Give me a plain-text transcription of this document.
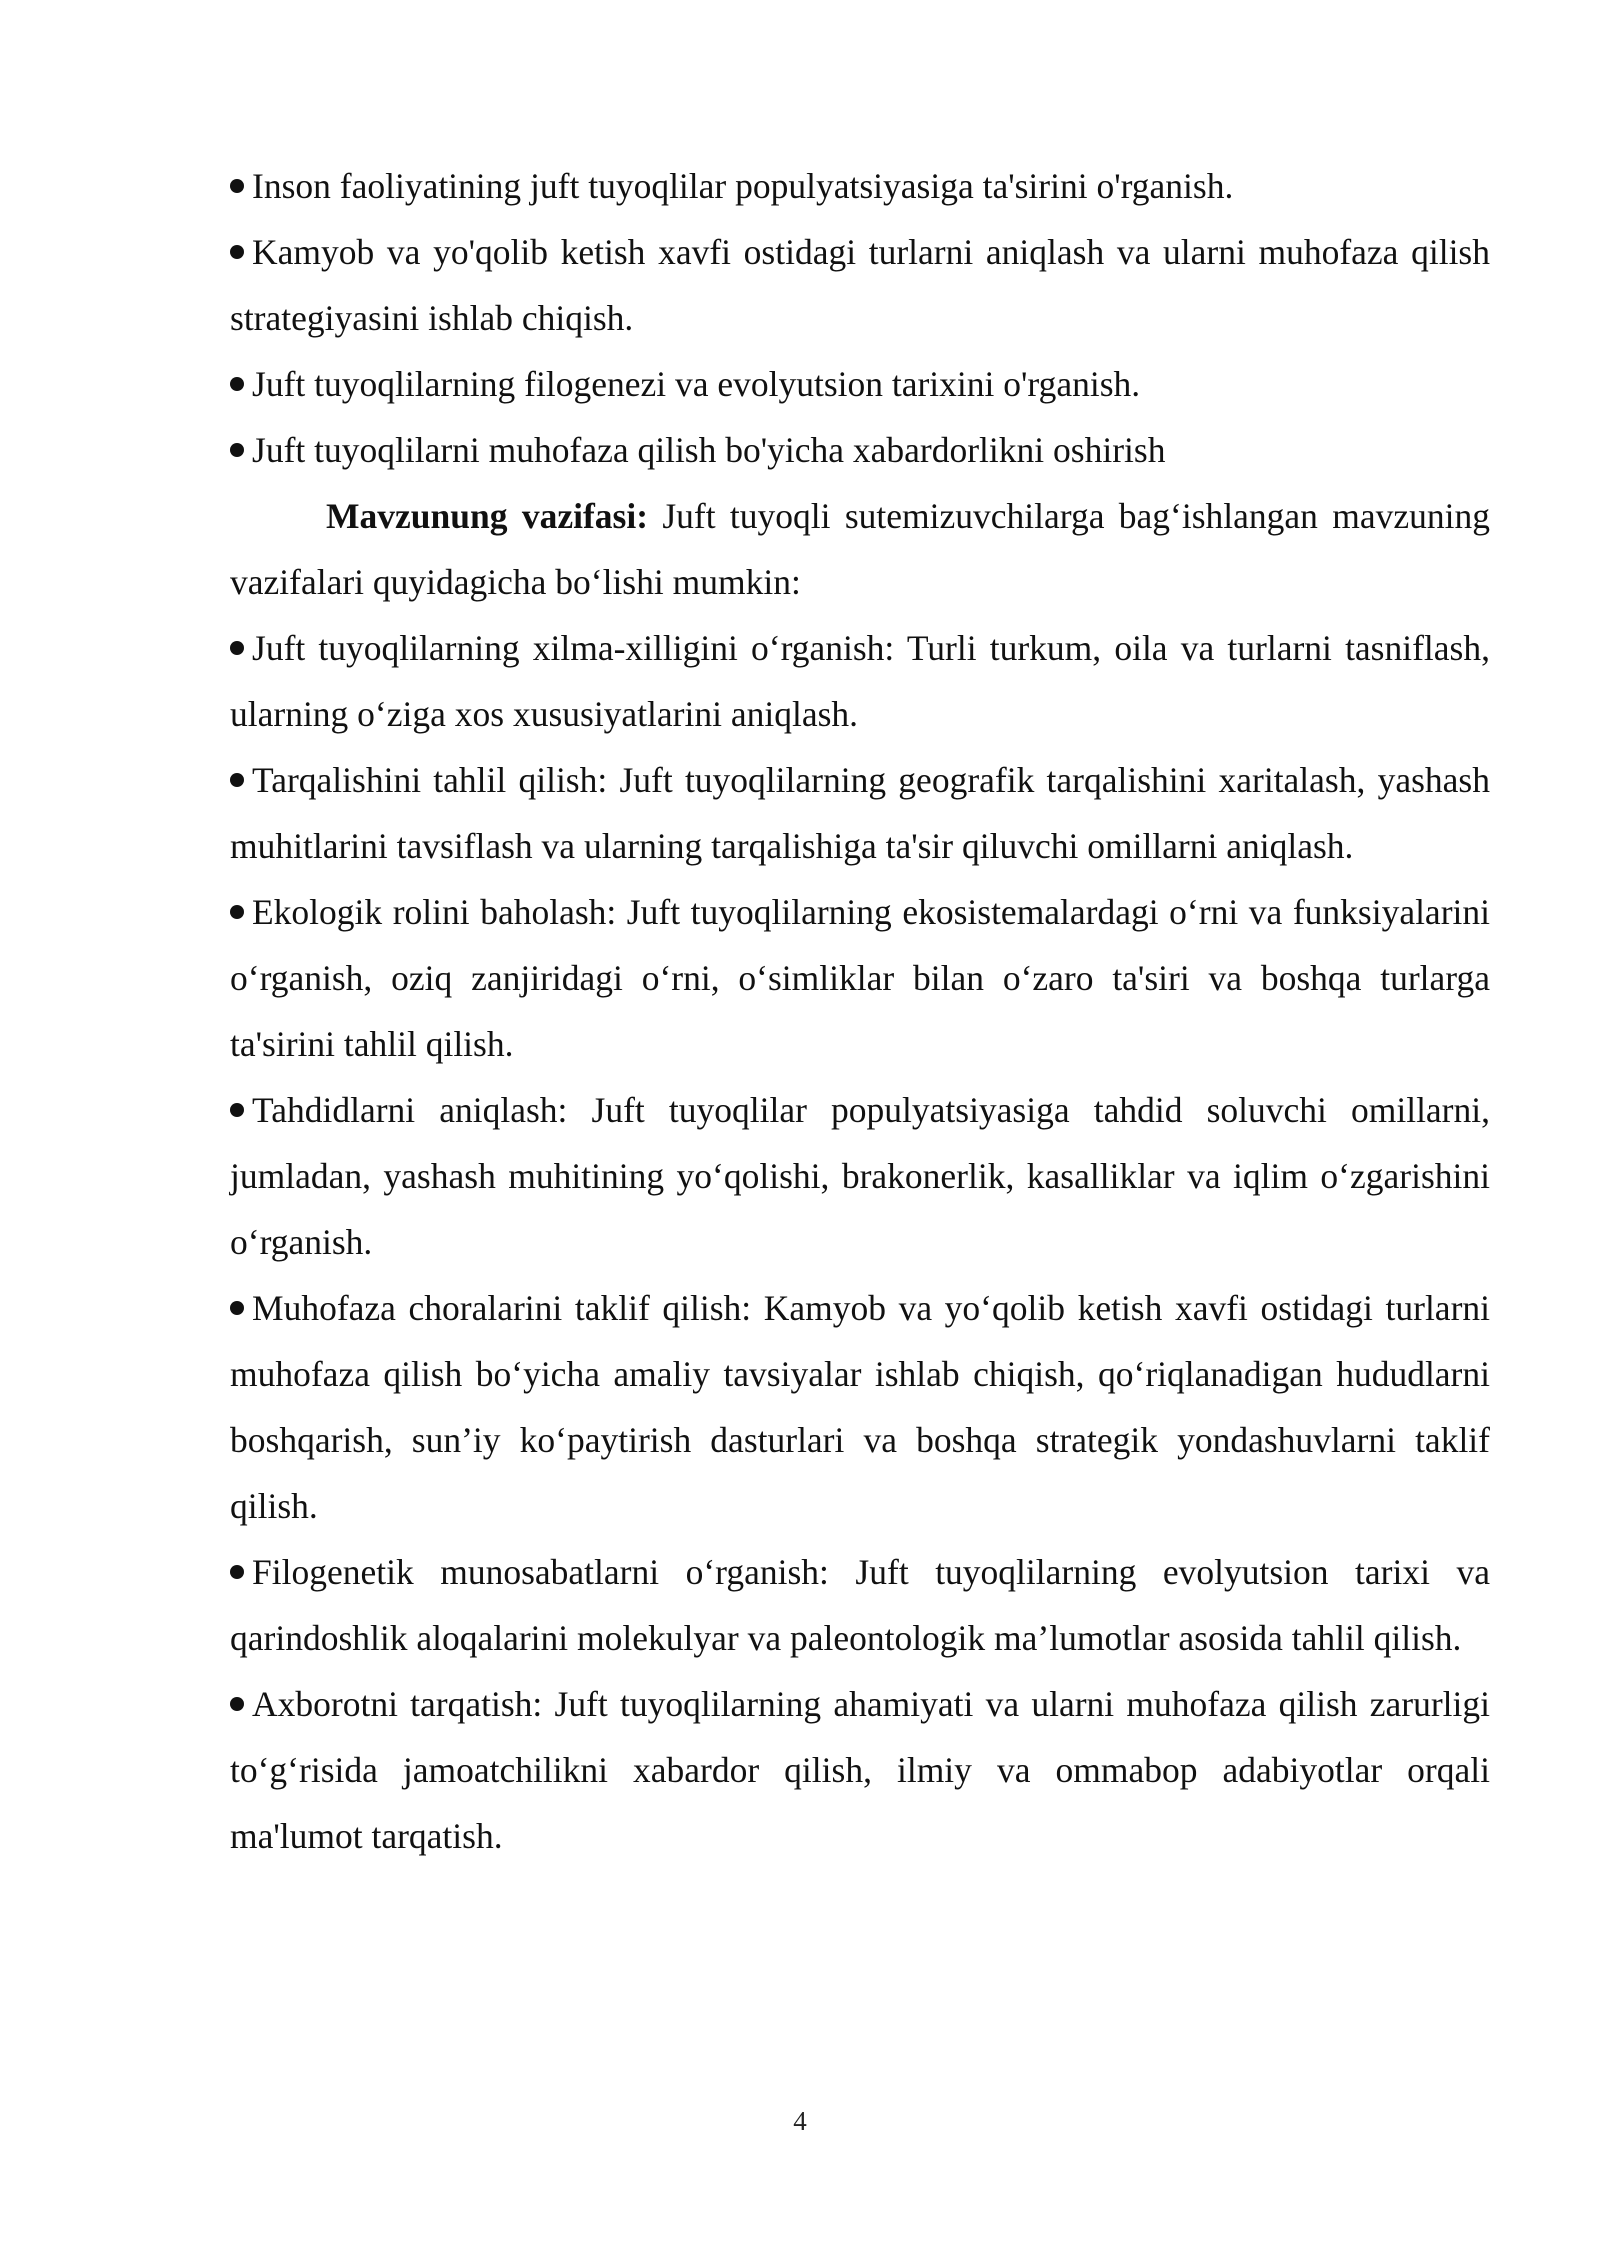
Inson faoliyatining juft tuyoqlilar populyatsiyasiga ta'sirini o'rganish.

Kamyob va yo'qolib ketish xavfi ostidagi turlarni aniqlash va ularni muhofaza qilish strategiyasini ishlab chiqish.

Juft tuyoqlilarning filogenezi va evolyutsion tarixini o'rganish.

Juft tuyoqlilarni muhofaza qilish bo'yicha xabardorlikni oshirish

Mavzunung vazifasi: Juft tuyoqli sutemizuvchilarga bag‘ishlangan mavzuning vazifalari quyidagicha bo‘lishi mumkin:

Juft tuyoqlilarning xilma-xilligini o‘rganish: Turli turkum, oila va turlarni tasniflash, ularning o‘ziga xos xususiyatlarini aniqlash.

Tarqalishini tahlil qilish: Juft tuyoqlilarning geografik tarqalishini xaritalash, yashash muhitlarini tavsiflash va ularning tarqalishiga ta'sir qiluvchi omillarni aniqlash.

Ekologik rolini baholash: Juft tuyoqlilarning ekosistemalardagi o‘rni va funksiyalarini o‘rganish, oziq zanjiridagi o‘rni, o‘simliklar bilan o‘zaro ta'siri va boshqa turlarga ta'sirini tahlil qilish.

Tahdidlarni aniqlash: Juft tuyoqlilar populyatsiyasiga tahdid soluvchi omillarni, jumladan, yashash muhitining yo‘qolishi, brakonerlik, kasalliklar va iqlim o‘zgarishini o‘rganish.

Muhofaza choralarini taklif qilish: Kamyob va yo‘qolib ketish xavfi ostidagi turlarni muhofaza qilish bo‘yicha amaliy tavsiyalar ishlab chiqish, qo‘riqlanadigan hududlarni boshqarish, sun’iy ko‘paytirish dasturlari va boshqa strategik yondashuvlarni taklif qilish.

Filogenetik munosabatlarni o‘rganish: Juft tuyoqlilarning evolyutsion tarixi va qarindoshlik aloqalarini molekulyar va paleontologik ma’lumotlar asosida tahlil qilish.

Axborotni tarqatish: Juft tuyoqlilarning ahamiyati va ularni muhofaza qilish zarurligi to‘g‘risida jamoatchilikni xabardor qilish, ilmiy va ommabop adabiyotlar orqali ma'lumot tarqatish.

4
